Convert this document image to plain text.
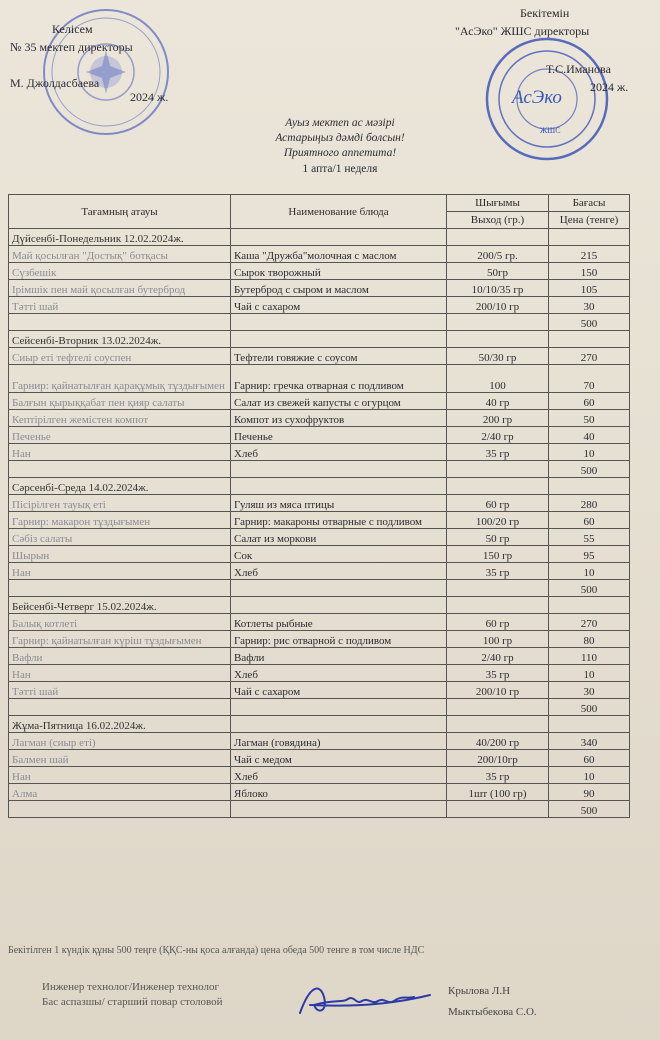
Келісем
№ 35 мектеп директоры
М. Джолдасбаева
2024 ж.	АсЭко
ЖШС
Бекітемін
"АсЭко" ЖШС директоры
Т.С.Иманова
2024 ж.
Ауыз мектеп ас мәзірі
Астарыңыз дәмді болсын!
Приятного аппетита!
1 апта/1 неделя
Тағамның атауы	Наименование блюда	Шығымы	Бағасы
		Выход (гр.)	Цена (тенге)
Дүйсенбі-Понедельник 12.02.2024ж.			
Май қосылған "Достық" ботқасы	Каша "Дружба"молочная с маслом	200/5 гр.	215
Сүзбешік	Сырок творожный	50гр	150
Ірімшік пен май қосылған бутерброд	Бутерброд с сыром и маслом	10/10/35 гр	105
Тәтті шай	Чай с сахаром	200/10 гр	30
			500
Сейсенбі-Вторник 13.02.2024ж.			
Сиыр еті тефтелі соуспен	Тефтели говяжие с соусом	50/30 гр	270
Гарнир: қайнатылған қарақұмық тұздығымен	Гарнир: гречка отварная с подливом	100	70
Балғын қырыққабат пен қияр салаты	Салат из свежей капусты с огурцом	40 гр	60
Кептірілген жемістен компот	Компот из сухофруктов	200 гр	50
Печенье	Печенье	2/40 гр	40
Нан	Хлеб	35 гр	10
			500
Сәрсенбі-Среда 14.02.2024ж.			
Пісірілген тауық еті	Гуляш из мяса птицы	60 гр	280
Гарнир: макарон тұздығымен	Гарнир: макароны отварные с подливом	100/20 гр	60
Сәбіз салаты	Салат из моркови	50 гр	55
Шырын	Сок	150 гр	95
Нан	Хлеб	35 гр	10
			500
Бейсенбі-Четверг 15.02.2024ж.			
Балық котлеті	Котлеты рыбные	60 гр	270
Гарнир: қайнатылған күріш тұздығымен	Гарнир: рис отварной с подливом	100 гр	80
Вафли	Вафли	2/40 гр	110
Нан	Хлеб	35 гр	10
Тәтті шай	Чай с сахаром	200/10 гр	30
			500
Жұма-Пятница 16.02.2024ж.			
Лагман (сиыр еті)	Лагман (говядина)	40/200 гр	340
Балмен шай	Чай с медом	200/10гр	60
Нан	Хлеб	35 гр	10
Алма	Яблоко	1шт (100 гр)	90
			500
Бекітілген 1 күндік құны 500 теңге (ҚҚС-ны қоса алғанда) цена обеда 500 тенге в том числе НДС
Инженер технолог/Инженер технолог
Бас аспазшы/ старший повар столовой
Крылова Л.Н
Мыктыбекова С.О.
